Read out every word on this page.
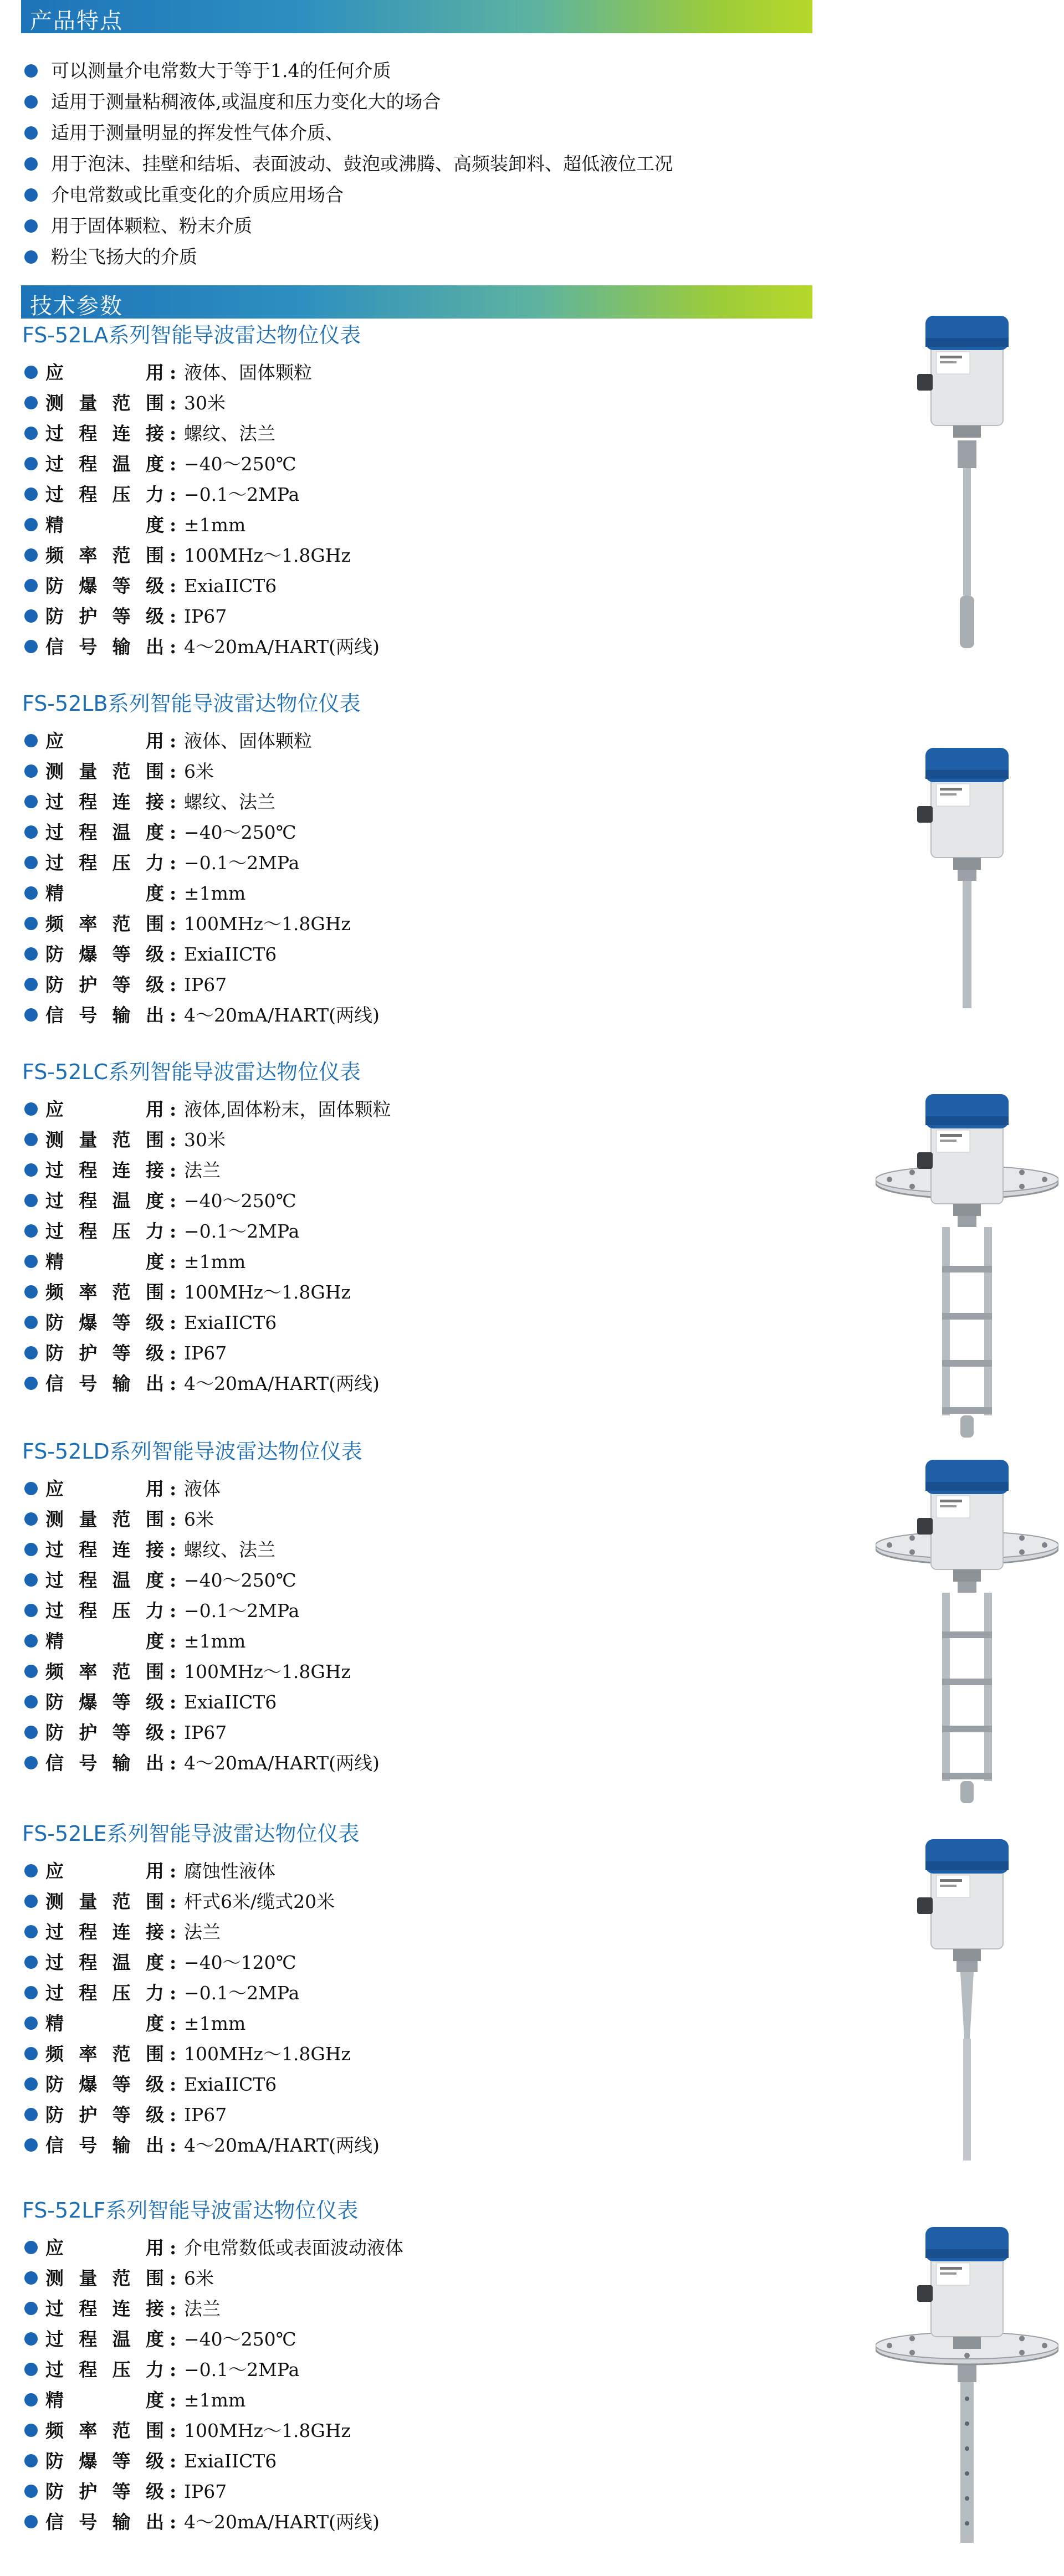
产品特点
可以测量介电常数大于等于1.4的任何介质
适用于测量粘稠液体,或温度和压力变化大的场合
适用于测量明显的挥发性气体介质、
用于泡沫、挂壁和结垢、表面波动、鼓泡或沸腾、高频装卸料、超低液位工况
介电常数或比重变化的介质应用场合
用于固体颗粒、粉末介质
粉尘飞扬大的介质
技术参数
FS-52LA系列智能导波雷达物位仪表
应　用 : 液体、固体颗粒
测量范围 : 30米
过程连接 : 螺纹、法兰
过程温度 : −40～250℃
过程压力 : −0.1～2MPa
精　度 : ±1mm
频率范围 : 100MHz～1.8GHz
防爆等级 : ExiaIICT6
防护等级 : IP67
信号输出 : 4～20mA/HART(两线)
FS-52LB系列智能导波雷达物位仪表
应　用 : 液体、固体颗粒
测量范围 : 6米
过程连接 : 螺纹、法兰
过程温度 : −40～250℃
过程压力 : −0.1～2MPa
精　度 : ±1mm
频率范围 : 100MHz～1.8GHz
防爆等级 : ExiaIICT6
防护等级 : IP67
信号输出 : 4～20mA/HART(两线)
FS-52LC系列智能导波雷达物位仪表
应　用 : 液体,固体粉末，固体颗粒
测量范围 : 30米
过程连接 : 法兰
过程温度 : −40～250℃
过程压力 : −0.1～2MPa
精　度 : ±1mm
频率范围 : 100MHz～1.8GHz
防爆等级 : ExiaIICT6
防护等级 : IP67
信号输出 : 4～20mA/HART(两线)
FS-52LD系列智能导波雷达物位仪表
应　用 : 液体
测量范围 : 6米
过程连接 : 螺纹、法兰
过程温度 : −40～250℃
过程压力 : −0.1～2MPa
精　度 : ±1mm
频率范围 : 100MHz～1.8GHz
防爆等级 : ExiaIICT6
防护等级 : IP67
信号输出 : 4～20mA/HART(两线)
FS-52LE系列智能导波雷达物位仪表
应　用 : 腐蚀性液体
测量范围 : 杆式6米/缆式20米
过程连接 : 法兰
过程温度 : −40～120℃
过程压力 : −0.1～2MPa
精　度 : ±1mm
频率范围 : 100MHz～1.8GHz
防爆等级 : ExiaIICT6
防护等级 : IP67
信号输出 : 4～20mA/HART(两线)
FS-52LF系列智能导波雷达物位仪表
应　用 : 介电常数低或表面波动液体
测量范围 : 6米
过程连接 : 法兰
过程温度 : −40～250℃
过程压力 : −0.1～2MPa
精　度 : ±1mm
频率范围 : 100MHz～1.8GHz
防爆等级 : ExiaIICT6
防护等级 : IP67
信号输出 : 4～20mA/HART(两线)
